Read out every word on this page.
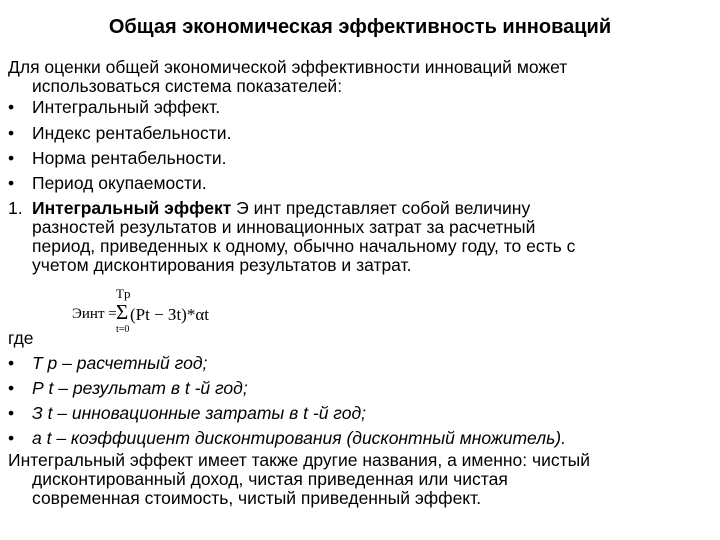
Общая экономическая эффективность инноваций
Для оценки общей экономической эффективности инноваций может
использоваться система показателей:
• Интегральный эффект.
• Индекс рентабельности.
• Норма рентабельности.
• Период окупаемости.
1. Интегральный эффект Э инт представляет собой величину
разностей результатов и инновационных затрат за расчетный
период, приведенных к одному, обычно начальному году, то есть с
учетом дисконтирования результатов и затрат.
Эинт =
Tp
Σ
t=0
(Pt − Зt)*αt
где
• Т р – расчетный год;
• Р t – результат в t -й год;
• З t – инновационные затраты в t -й год;
• a t – коэффициент дисконтирования (дисконтный множитель).
Интегральный эффект имеет также другие названия, а именно: чистый
дисконтированный доход, чистая приведенная или чистая
современная стоимость, чистый приведенный эффект.
